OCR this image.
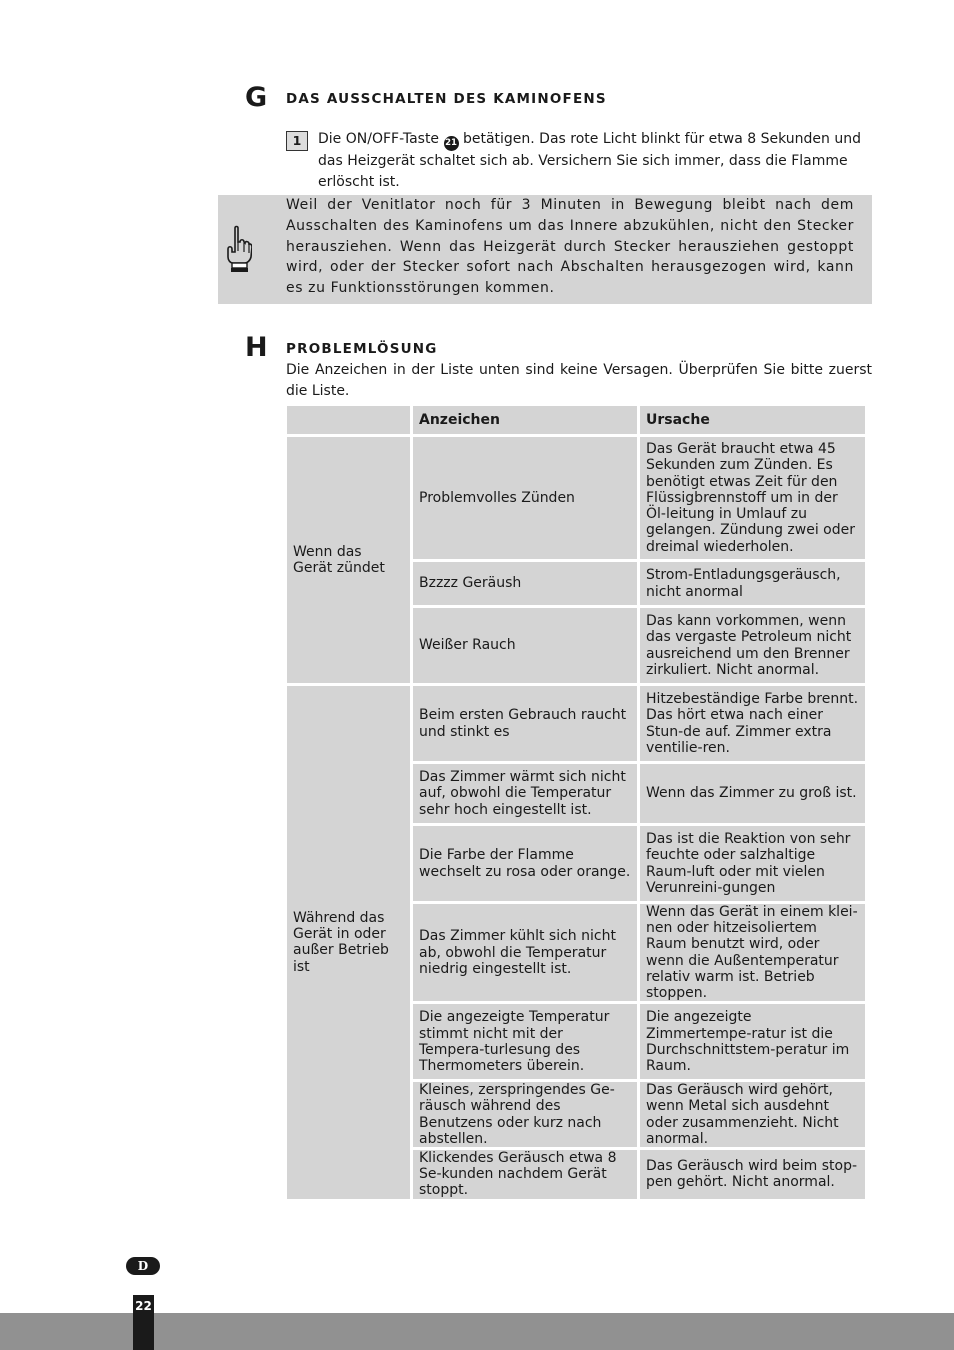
G DAS AUSSCHALTEN DES KAMINOFENS
1	Die ON/OFF-Taste 21 betätigen. Das rote Licht blinkt für etwa 8 Sekunden und das Heizgerät schaltet sich ab. Versichern Sie sich immer, dass die Flamme erlöscht ist.
Weil der Venitlator noch für 3 Minuten in Bewegung bleibt nach dem Ausschalten des Kaminofens um das Innere abzukühlen, nicht den Stecker herausziehen. Wenn das Heizgerät durch Stecker herausziehen gestoppt wird, oder der Stecker sofort nach Abschalten herausgezogen wird, kann es zu Funktionsstörungen kommen.
H PROBLEMLÖSUNG
Die Anzeichen in der Liste unten sind keine Versagen. Überprüfen Sie bitte zuerst die Liste.
	Anzeichen	Ursache
Wenn das Gerät zündet	Problemvolles Zünden	Das Gerät braucht etwa 45 Sekunden zum Zünden. Es benötigt etwas Zeit für den Flüssigbrennstoff um in der Öl-leitung in Umlauf zu gelangen. Zündung zwei oder dreimal wiederholen.
	Bzzzz Geräush	Strom-Entladungsgeräusch, nicht anormal
	Weißer Rauch	Das kann vorkommen, wenn das vergaste Petroleum nicht ausreichend um den Brenner zirkuliert. Nicht anormal.
Während das Gerät in oder außer Betrieb ist	Beim ersten Gebrauch raucht und stinkt es	Hitzebeständige Farbe brennt. Das hört etwa nach einer Stun-de auf. Zimmer extra ventilie-ren.
	Das Zimmer wärmt sich nicht auf, obwohl die Temperatur sehr hoch eingestellt ist.	Wenn das Zimmer zu groß ist.
	Die Farbe der Flamme wechselt zu rosa oder orange.	Das ist die Reaktion von sehr feuchte oder salzhaltige Raum-luft oder mit vielen Verunreini-gungen
	Das Zimmer kühlt sich nicht ab, obwohl die Temperatur niedrig eingestellt ist.	Wenn das Gerät in einem klei-nen oder hitzeisoliertem Raum benutzt wird, oder wenn die Außentemperatur relativ warm ist. Betrieb stoppen.
	Die angezeigte Temperatur stimmt nicht mit der Tempera-turlesung des Thermometers überein.	Die angezeigte Zimmertempe-ratur ist die Durchschnittstem-peratur im Raum.
	Kleines, zerspringendes Ge-räusch während des Benutzens oder kurz nach abstellen.	Das Geräusch wird gehört, wenn Metal sich ausdehnt oder zusammenzieht. Nicht anormal.
	Klickendes Geräusch etwa 8 Se-kunden nachdem Gerät stoppt.	Das Geräusch wird beim stop-pen gehört. Nicht anormal.
D
22
